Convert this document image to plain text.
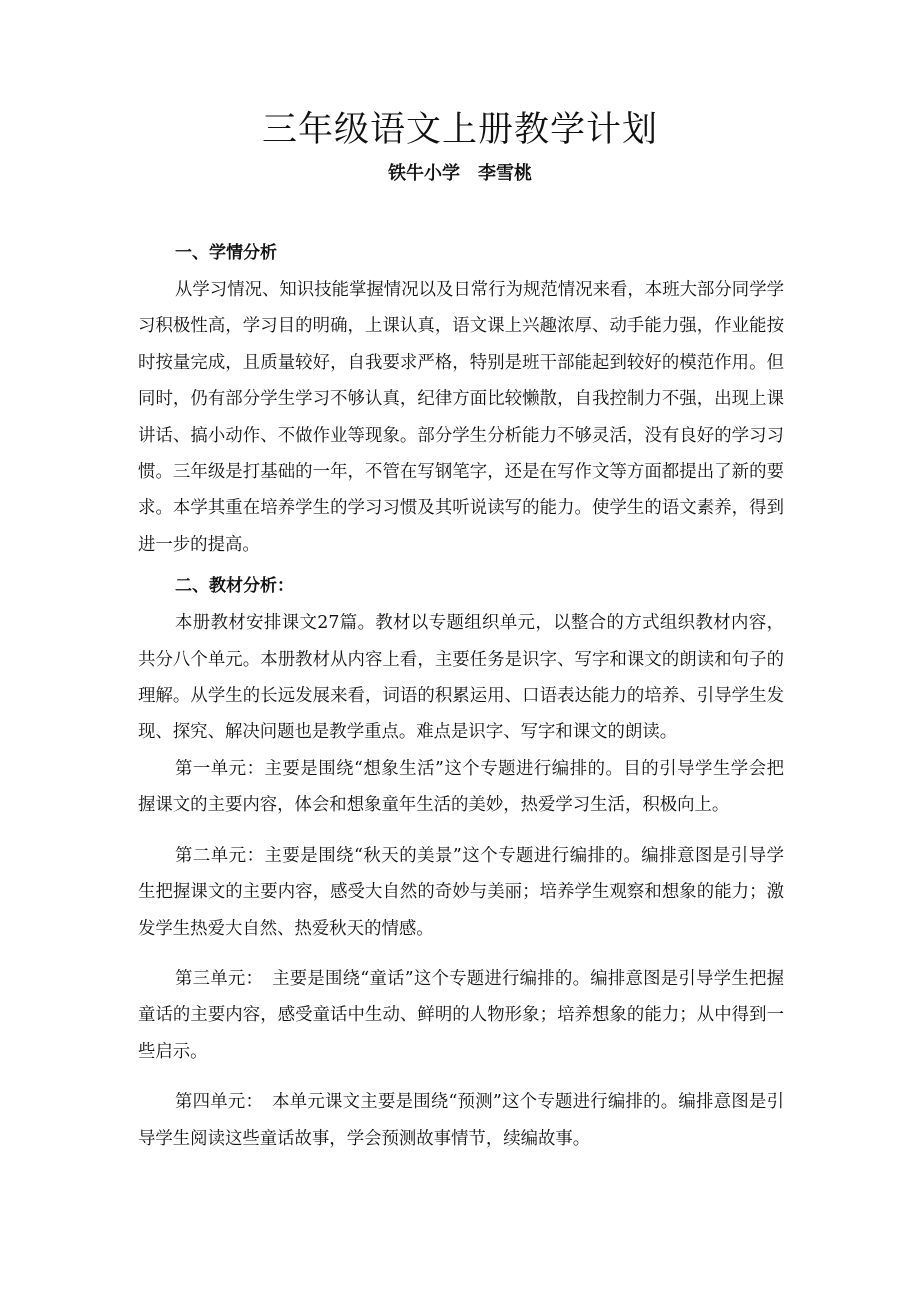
三年级语文上册教学计划
铁牛小学 李雪桃
一、学情分析

从学习情况、知识技能掌握情况以及日常行为规范情况来看，本班大部分同学学习积极性高，学习目的明确，上课认真，语文课上兴趣浓厚、动手能力强，作业能按时按量完成，且质量较好，自我要求严格，特别是班干部能起到较好的模范作用。但同时，仍有部分学生学习不够认真，纪律方面比较懒散，自我控制力不强，出现上课讲话、搞小动作、不做作业等现象。部分学生分析能力不够灵活，没有良好的学习习惯。三年级是打基础的一年，不管在写钢笔字，还是在写作文等方面都提出了新的要求。本学其重在培养学生的学习习惯及其听说读写的能力。使学生的语文素养，得到进一步的提高。

二、教材分析：

本册教材安排课文27篇。教材以专题组织单元，以整合的方式组织教材内容，共分八个单元。本册教材从内容上看，主要任务是识字、写字和课文的朗读和句子的理解。从学生的长远发展来看，词语的积累运用、口语表达能力的培养、引导学生发现、探究、解决问题也是教学重点。难点是识字、写字和课文的朗读。

第一单元：主要是围绕“想象生活”这个专题进行编排的。目的引导学生学会把握课文的主要内容，体会和想象童年生活的美妙，热爱学习生活，积极向上。

第二单元：主要是围绕“秋天的美景”这个专题进行编排的。编排意图是引导学生把握课文的主要内容，感受大自然的奇妙与美丽；培养学生观察和想象的能力；激发学生热爱大自然、热爱秋天的情感。

第三单元：　主要是围绕“童话”这个专题进行编排的。编排意图是引导学生把握童话的主要内容，感受童话中生动、鲜明的人物形象；培养想象的能力；从中得到一些启示。

第四单元：　本单元课文主要是围绕“预测”这个专题进行编排的。编排意图是引导学生阅读这些童话故事，学会预测故事情节，续编故事。
